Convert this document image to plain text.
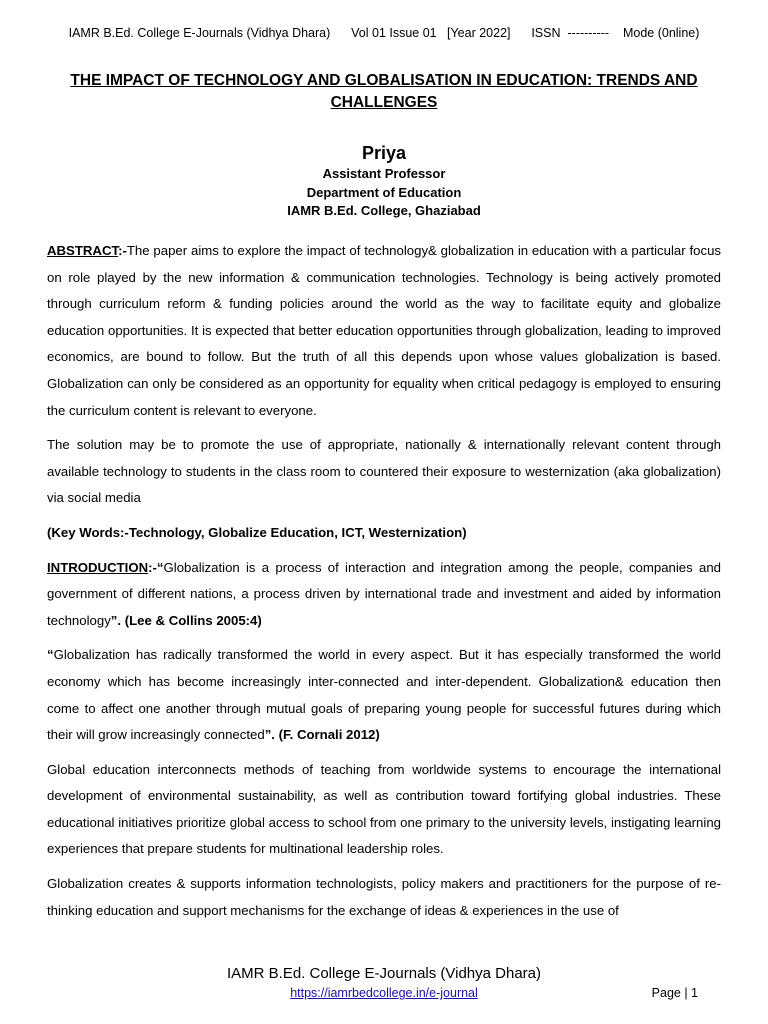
IAMR B.Ed. College E-Journals (Vidhya Dhara)      Vol 01 Issue 01   [Year 2022]      ISSN  ----------    Mode (0nline)
THE IMPACT OF TECHNOLOGY AND GLOBALISATION IN EDUCATION: TRENDS AND CHALLENGES
Priya
Assistant Professor
Department of Education
IAMR B.Ed. College, Ghaziabad

ABSTRACT:-The paper aims to explore the impact of technology& globalization in education with a particular focus on role played by the new information & communication technologies. Technology is being actively promoted through curriculum reform & funding policies around the world as the way to facilitate equity and globalize education opportunities. It is expected that better education opportunities through globalization, leading to improved economics, are bound to follow. But the truth of all this depends upon whose values globalization is based. Globalization can only be considered as an opportunity for equality when critical pedagogy is employed to ensuring the curriculum content is relevant to everyone.

The solution may be to promote the use of appropriate, nationally & internationally relevant content through available technology to students in the class room to countered their exposure to westernization (aka globalization) via social media

(Key Words:-Technology, Globalize Education, ICT, Westernization)

INTRODUCTION:-“Globalization is a process of interaction and integration among the people, companies and government of different nations, a process driven by international trade and investment and aided by information technology”. (Lee & Collins 2005:4)

“Globalization has radically transformed the world in every aspect. But it has especially transformed the world economy which has become increasingly inter-connected and inter-dependent. Globalization& education then come to affect one another through mutual goals of preparing young people for successful futures during which their will grow increasingly connected”. (F. Cornali 2012)

Global education interconnects methods of teaching from worldwide systems to encourage the international development of environmental sustainability, as well as contribution toward fortifying global industries. These educational initiatives prioritize global access to school from one primary to the university levels, instigating learning experiences that prepare students for multinational leadership roles.

Globalization creates & supports information technologists, policy makers and practitioners for the purpose of re-thinking education and support mechanisms for the exchange of ideas & experiences in the use of

IAMR B.Ed. College E-Journals (Vidhya Dhara)
https://iamrbedcollege.in/e-journal	Page | 1
